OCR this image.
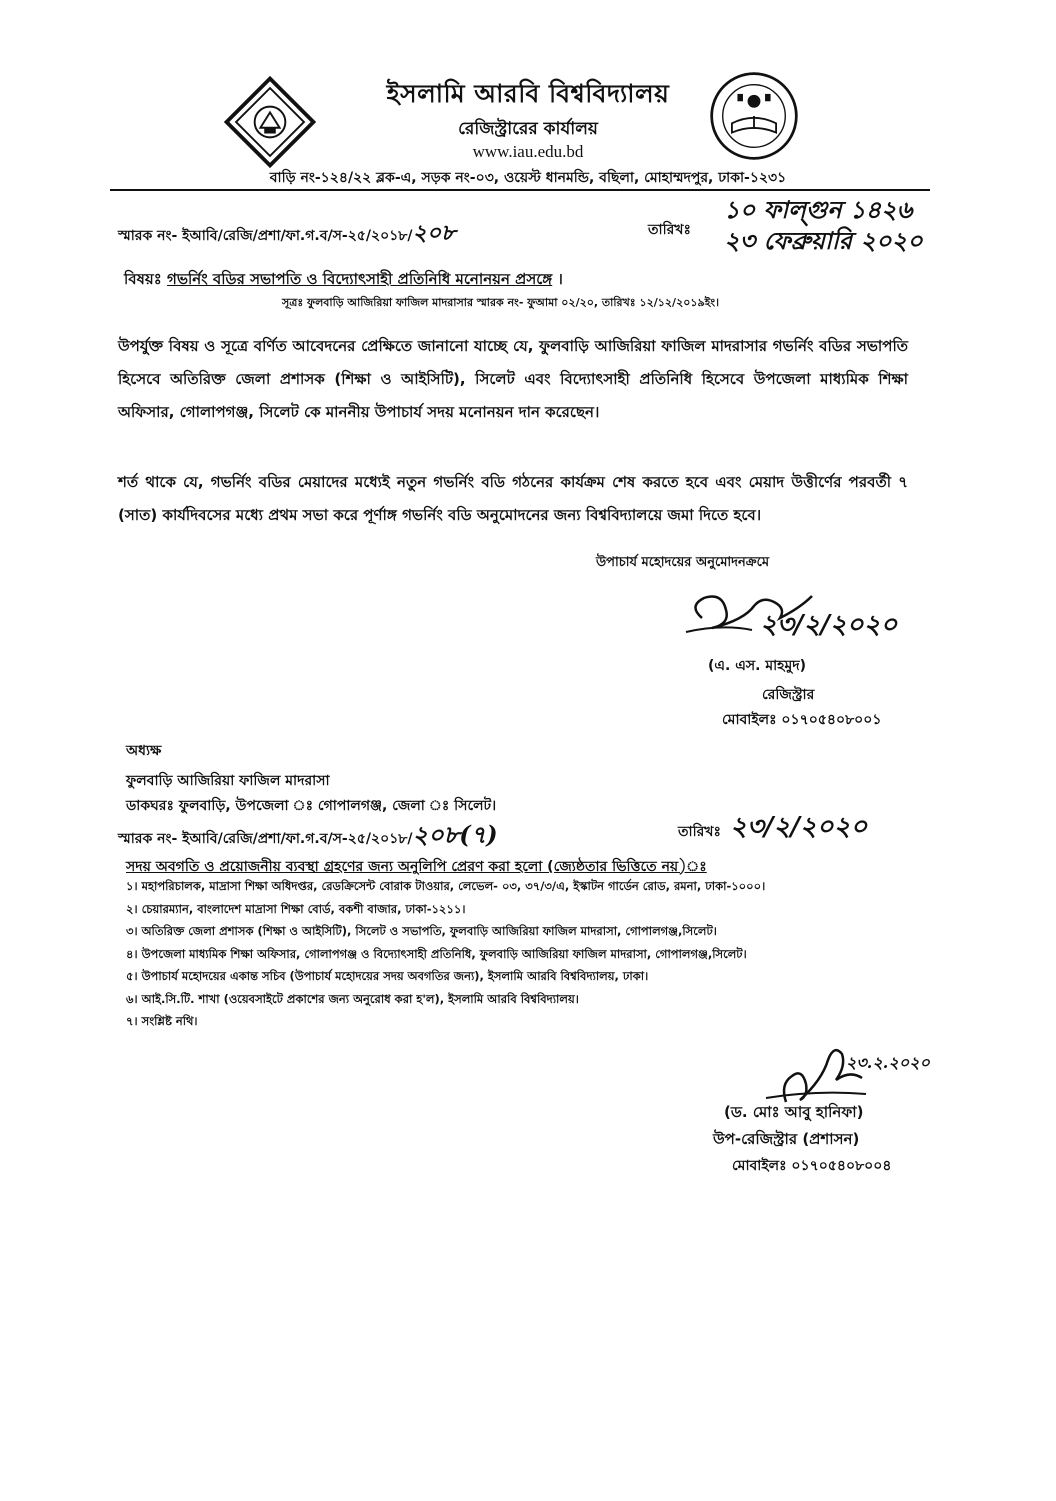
ইসলামি আরবি বিশ্ববিদ্যালয়
রেজিস্ট্রারের কার্যালয়
www.iau.edu.bd
বাড়ি নং-১২৪/২২ ব্লক-এ, সড়ক নং-০৩, ওয়েস্ট ধানমন্ডি, বছিলা, মোহাম্মদপুর, ঢাকা-১২৩১
স্মারক নং- ইআবি/রেজি/প্রশা/ফা.গ.ব/স-২৫/২০১৮/২০৮	তারিখঃ
১০ ফাল্গুন ১৪২৬
২৩ ফেব্রুয়ারি ২০২০
বিষয়ঃ গভর্নিং বডির সভাপতি ও বিদ্যোৎসাহী প্রতিনিধি মনোনয়ন প্রসঙ্গে ।
সূত্রঃ ফুলবাড়ি আজিরিয়া ফাজিল মাদরাসার স্মারক নং- ফুআমা ০২/২০, তারিখঃ ১২/১২/২০১৯ইং।
উপর্যুক্ত বিষয় ও সূত্রে বর্ণিত আবেদনের প্রেক্ষিতে জানানো যাচ্ছে যে, ফুলবাড়ি আজিরিয়া ফাজিল মাদরাসার গভর্নিং বডির সভাপতি হিসেবে অতিরিক্ত জেলা প্রশাসক (শিক্ষা ও আইসিটি), সিলেট এবং বিদ্যোৎসাহী প্রতিনিধি হিসেবে উপজেলা মাধ্যমিক শিক্ষা অফিসার, গোলাপগঞ্জ, সিলেট কে মাননীয় উপাচার্য সদয় মনোনয়ন দান করেছেন।
শর্ত থাকে যে, গভর্নিং বডির মেয়াদের মধ্যেই নতুন গভর্নিং বডি গঠনের কার্যক্রম শেষ করতে হবে এবং মেয়াদ উত্তীর্ণের পরবর্তী ৭ (সাত) কার্যদিবসের মধ্যে প্রথম সভা করে পূর্ণাঙ্গ গভর্নিং বডি অনুমোদনের জন্য বিশ্ববিদ্যালয়ে জমা দিতে হবে।
উপাচার্য মহোদয়ের অনুমোদনক্রমে
২৩/২/২০২০
(এ. এস. মাহমুদ)
রেজিস্ট্রার
মোবাইলঃ ০১৭০৫৪০৮০০১
অধ্যক্ষ
ফুলবাড়ি আজিরিয়া ফাজিল মাদরাসা
ডাকঘরঃ ফুলবাড়ি, উপজেলা ঃ গোপালগঞ্জ, জেলা ঃ সিলেট।
স্মারক নং- ইআবি/রেজি/প্রশা/ফা.গ.ব/স-২৫/২০১৮/২০৮(৭)	তারিখঃ ২৩/২/২০২০
সদয় অবগতি ও প্রয়োজনীয় ব্যবস্থা গ্রহণের জন্য অনুলিপি প্রেরণ করা হলো (জ্যেষ্ঠতার ভিত্তিতে নয়)ঃ
১। মহাপরিচালক, মাদ্রাসা শিক্ষা অধিদপ্তর, রেডক্রিসেন্ট বোরাক টাওয়ার, লেভেল- ০৩, ৩৭/৩/এ, ইস্কাটন গার্ডেন রোড, রমনা, ঢাকা-১০০০।
২। চেয়ারম্যান, বাংলাদেশ মাদ্রাসা শিক্ষা বোর্ড, বকশী বাজার, ঢাকা-১২১১।
৩। অতিরিক্ত জেলা প্রশাসক (শিক্ষা ও আইসিটি), সিলেট ও সভাপতি, ফুলবাড়ি আজিরিয়া ফাজিল মাদরাসা, গোপালগঞ্জ,সিলেট।
৪। উপজেলা মাধ্যমিক শিক্ষা অফিসার, গোলাপগঞ্জ ও বিদ্যোৎসাহী প্রতিনিধি, ফুলবাড়ি আজিরিয়া ফাজিল মাদরাসা, গোপালগঞ্জ,সিলেট।
৫। উপাচার্য মহোদয়ের একান্ত সচিব (উপাচার্য মহোদয়ের সদয় অবগতির জন্য), ইসলামি আরবি বিশ্ববিদ্যালয়, ঢাকা।
৬। আই.সি.টি. শাখা (ওয়েবসাইটে প্রকাশের জন্য অনুরোধ করা হ'ল), ইসলামি আরবি বিশ্ববিদ্যালয়।
৭। সংশ্লিষ্ট নথি।
২৩.২.২০২০
(ড. মোঃ আবু হানিফা)
উপ-রেজিস্ট্রার (প্রশাসন)
মোবাইলঃ ০১৭০৫৪০৮০০৪
